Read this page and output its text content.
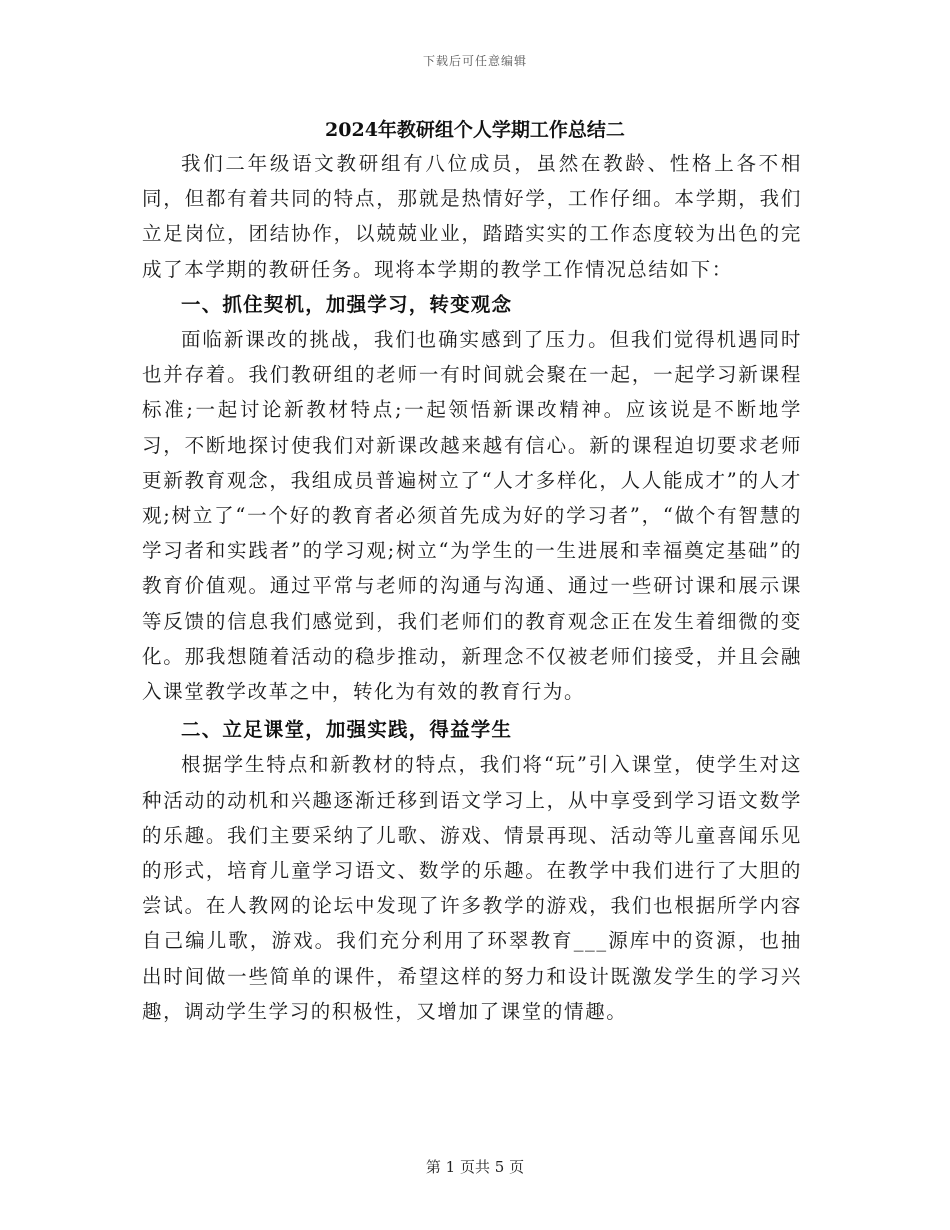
下载后可任意编辑
2024年教研组个人学期工作总结二

我们二年级语文教研组有八位成员，虽然在教龄、性格上各不相同，但都有着共同的特点，那就是热情好学，工作仔细。本学期，我们立足岗位，团结协作，以兢兢业业，踏踏实实的工作态度较为出色的完成了本学期的教研任务。现将本学期的教学工作情况总结如下：

一、抓住契机，加强学习，转变观念

面临新课改的挑战，我们也确实感到了压力。但我们觉得机遇同时也并存着。我们教研组的老师一有时间就会聚在一起，一起学习新课程标准;一起讨论新教材特点;一起领悟新课改精神。应该说是不断地学习，不断地探讨使我们对新课改越来越有信心。新的课程迫切要求老师更新教育观念，我组成员普遍树立了“人才多样化，人人能成才”的人才观;树立了“一个好的教育者必须首先成为好的学习者”，“做个有智慧的学习者和实践者”的学习观;树立“为学生的一生进展和幸福奠定基础”的教育价值观。通过平常与老师的沟通与沟通、通过一些研讨课和展示课等反馈的信息我们感觉到，我们老师们的教育观念正在发生着细微的变化。那我想随着活动的稳步推动，新理念不仅被老师们接受，并且会融入课堂教学改革之中，转化为有效的教育行为。

二、立足课堂，加强实践，得益学生

根据学生特点和新教材的特点，我们将“玩”引入课堂，使学生对这种活动的动机和兴趣逐渐迁移到语文学习上，从中享受到学习语文数学的乐趣。我们主要采纳了儿歌、游戏、情景再现、活动等儿童喜闻乐见的形式，培育儿童学习语文、数学的乐趣。在教学中我们进行了大胆的尝试。在人教网的论坛中发现了许多教学的游戏，我们也根据所学内容自己编儿歌，游戏。我们充分利用了环翠教育___源库中的资源，也抽出时间做一些简单的课件，希望这样的努力和设计既激发学生的学习兴趣，调动学生学习的积极性，又增加了课堂的情趣。

第 1 页共 5 页
